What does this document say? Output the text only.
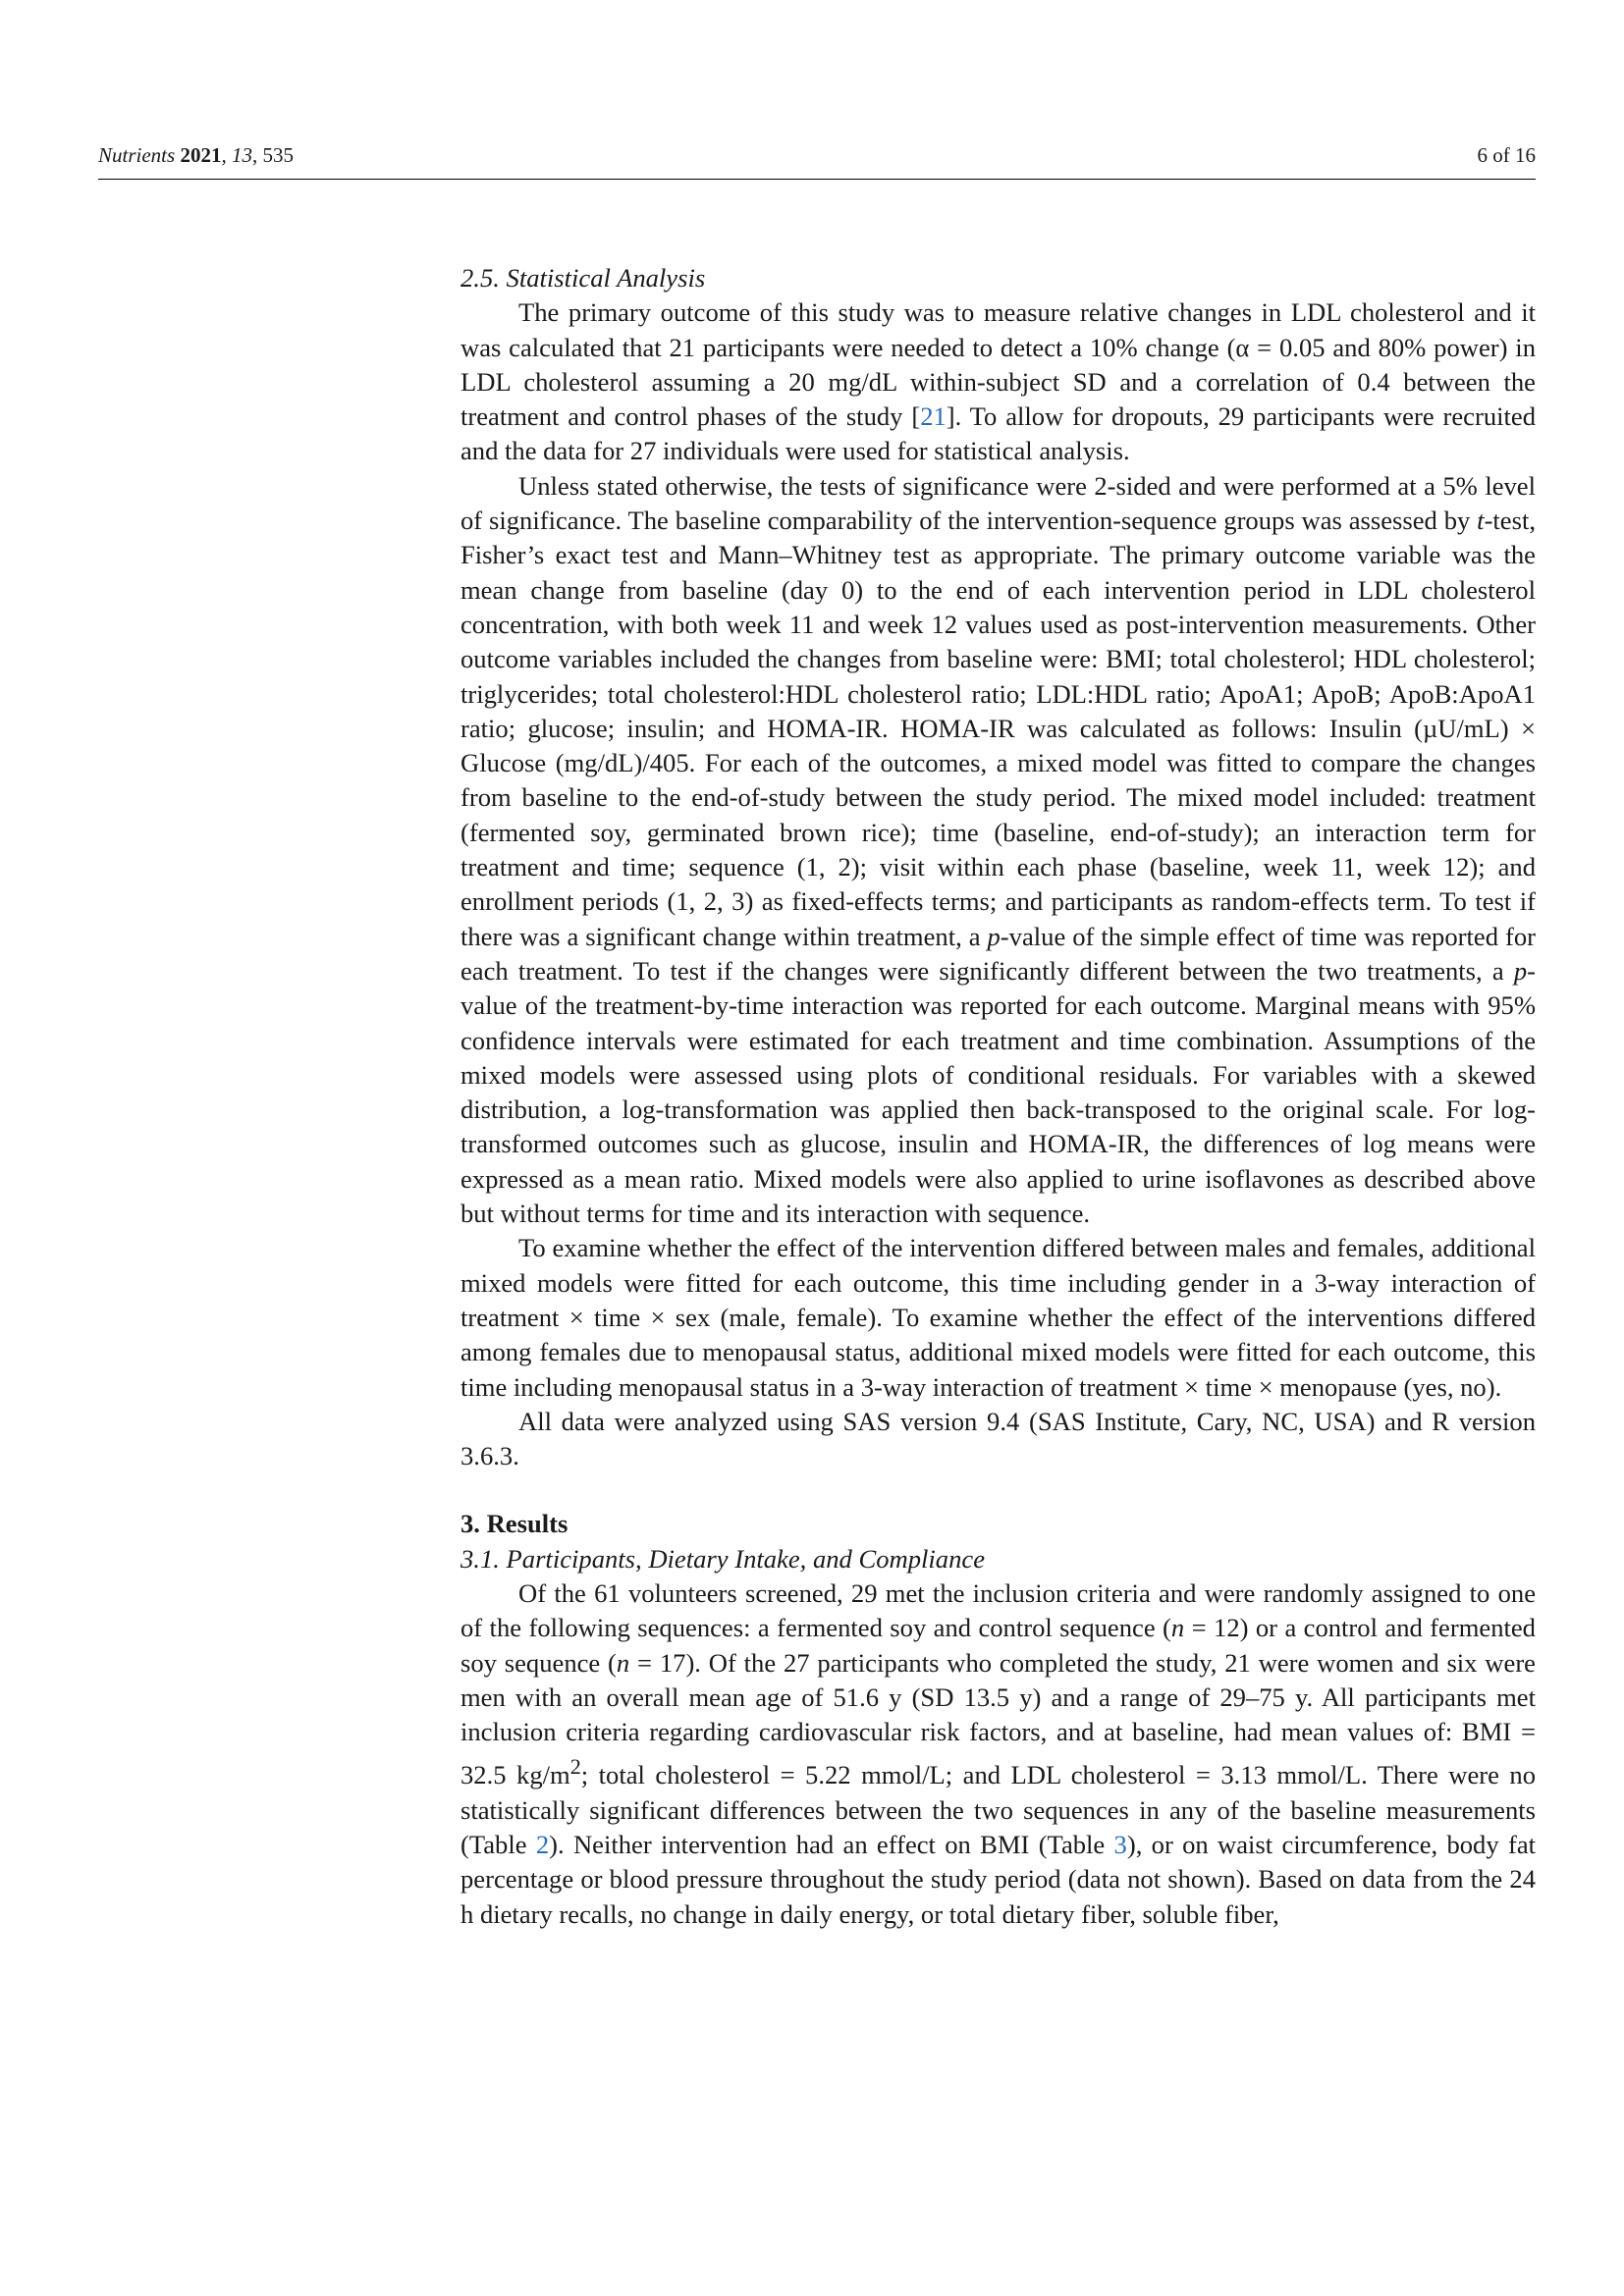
Nutrients 2021, 13, 535	6 of 16
2.5. Statistical Analysis

The primary outcome of this study was to measure relative changes in LDL cholesterol and it was calculated that 21 participants were needed to detect a 10% change (α = 0.05 and 80% power) in LDL cholesterol assuming a 20 mg/dL within-subject SD and a correlation of 0.4 between the treatment and control phases of the study [21]. To allow for dropouts, 29 participants were recruited and the data for 27 individuals were used for statistical analysis.

Unless stated otherwise, the tests of significance were 2-sided and were performed at a 5% level of significance. The baseline comparability of the intervention-sequence groups was assessed by t-test, Fisher’s exact test and Mann–Whitney test as appropriate. The primary outcome variable was the mean change from baseline (day 0) to the end of each intervention period in LDL cholesterol concentration, with both week 11 and week 12 values used as post-intervention measurements. Other outcome variables included the changes from baseline were: BMI; total cholesterol; HDL cholesterol; triglycerides; total cholesterol:HDL cholesterol ratio; LDL:HDL ratio; ApoA1; ApoB; ApoB:ApoA1 ratio; glucose; insulin; and HOMA-IR. HOMA-IR was calculated as follows: Insulin (µU/mL) × Glucose (mg/dL)/405. For each of the outcomes, a mixed model was fitted to compare the changes from baseline to the end-of-study between the study period. The mixed model included: treatment (fermented soy, germinated brown rice); time (baseline, end-of-study); an interaction term for treatment and time; sequence (1, 2); visit within each phase (baseline, week 11, week 12); and enrollment periods (1, 2, 3) as fixed-effects terms; and participants as random-effects term. To test if there was a significant change within treatment, a p-value of the simple effect of time was reported for each treatment. To test if the changes were significantly different between the two treatments, a p-value of the treatment-by-time interaction was reported for each outcome. Marginal means with 95% confidence intervals were estimated for each treatment and time combination. Assumptions of the mixed models were assessed using plots of conditional residuals. For variables with a skewed distribution, a log-transformation was applied then back-transposed to the original scale. For log-transformed outcomes such as glucose, insulin and HOMA-IR, the differences of log means were expressed as a mean ratio. Mixed models were also applied to urine isoflavones as described above but without terms for time and its interaction with sequence.

To examine whether the effect of the intervention differed between males and females, additional mixed models were fitted for each outcome, this time including gender in a 3-way interaction of treatment × time × sex (male, female). To examine whether the effect of the interventions differed among females due to menopausal status, additional mixed models were fitted for each outcome, this time including menopausal status in a 3-way interaction of treatment × time × menopause (yes, no).

All data were analyzed using SAS version 9.4 (SAS Institute, Cary, NC, USA) and R version 3.6.3.

3. Results
3.1. Participants, Dietary Intake, and Compliance

Of the 61 volunteers screened, 29 met the inclusion criteria and were randomly assigned to one of the following sequences: a fermented soy and control sequence (n = 12) or a control and fermented soy sequence (n = 17). Of the 27 participants who completed the study, 21 were women and six were men with an overall mean age of 51.6 y (SD 13.5 y) and a range of 29–75 y. All participants met inclusion criteria regarding cardiovascular risk factors, and at baseline, had mean values of: BMI = 32.5 $kg/m^2$; total cholesterol = 5.22 mmol/L; and LDL cholesterol = 3.13 mmol/L. There were no statistically significant differences between the two sequences in any of the baseline measurements (Table 2). Neither intervention had an effect on BMI (Table 3), or on waist circumference, body fat percentage or blood pressure throughout the study period (data not shown). Based on data from the 24 h dietary recalls, no change in daily energy, or total dietary fiber, soluble fiber,
